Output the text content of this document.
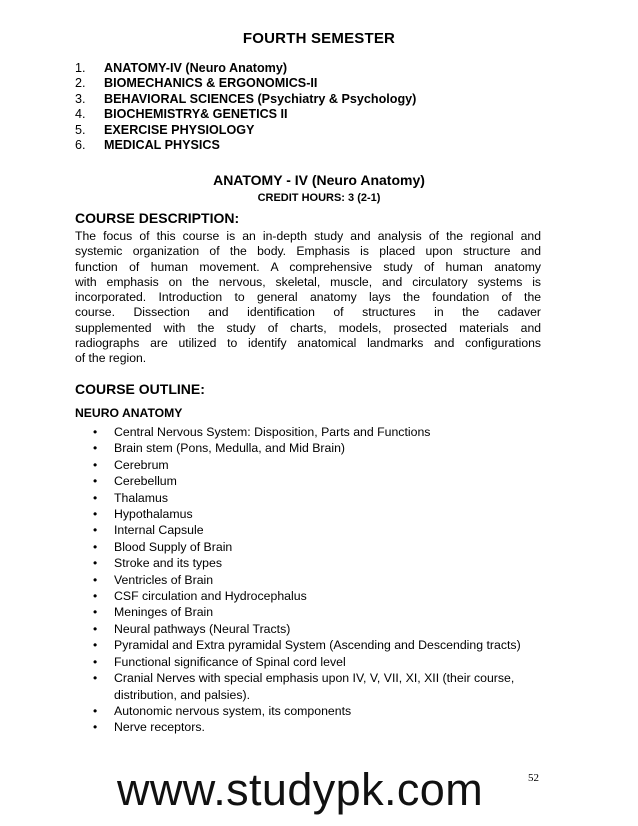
FOURTH SEMESTER
1. ANATOMY-IV (Neuro Anatomy)
2. BIOMECHANICS & ERGONOMICS-II
3. BEHAVIORAL SCIENCES (Psychiatry & Psychology)
4. BIOCHEMISTRY& GENETICS II
5. EXERCISE PHYSIOLOGY
6. MEDICAL PHYSICS
ANATOMY - IV (Neuro Anatomy)
CREDIT HOURS: 3 (2-1)
COURSE DESCRIPTION:
The focus of this course is an in-depth study and analysis of the regional and
systemic organization of the body. Emphasis is placed upon structure and
function of human movement. A comprehensive study of human anatomy
with emphasis on the nervous, skeletal, muscle, and circulatory systems is
incorporated. Introduction to general anatomy lays the foundation of the
course. Dissection and identification of structures in the cadaver
supplemented with the study of charts, models, prosected materials and
radiographs are utilized to identify anatomical landmarks and configurations
of the region.
COURSE OUTLINE:
NEURO ANATOMY
• Central Nervous System: Disposition, Parts and Functions
• Brain stem (Pons, Medulla, and Mid Brain)
• Cerebrum
• Cerebellum
• Thalamus
• Hypothalamus
• Internal Capsule
• Blood Supply of Brain
• Stroke and its types
• Ventricles of Brain
• CSF circulation and Hydrocephalus
• Meninges of Brain
• Neural pathways (Neural Tracts)
• Pyramidal and Extra pyramidal System (Ascending and Descending tracts)
• Functional significance of Spinal cord level
• Cranial Nerves with special emphasis upon IV, V, VII, XI, XII (their course, distribution, and palsies).
• Autonomic nervous system, its components
• Nerve receptors.
www.studypk.com	52
